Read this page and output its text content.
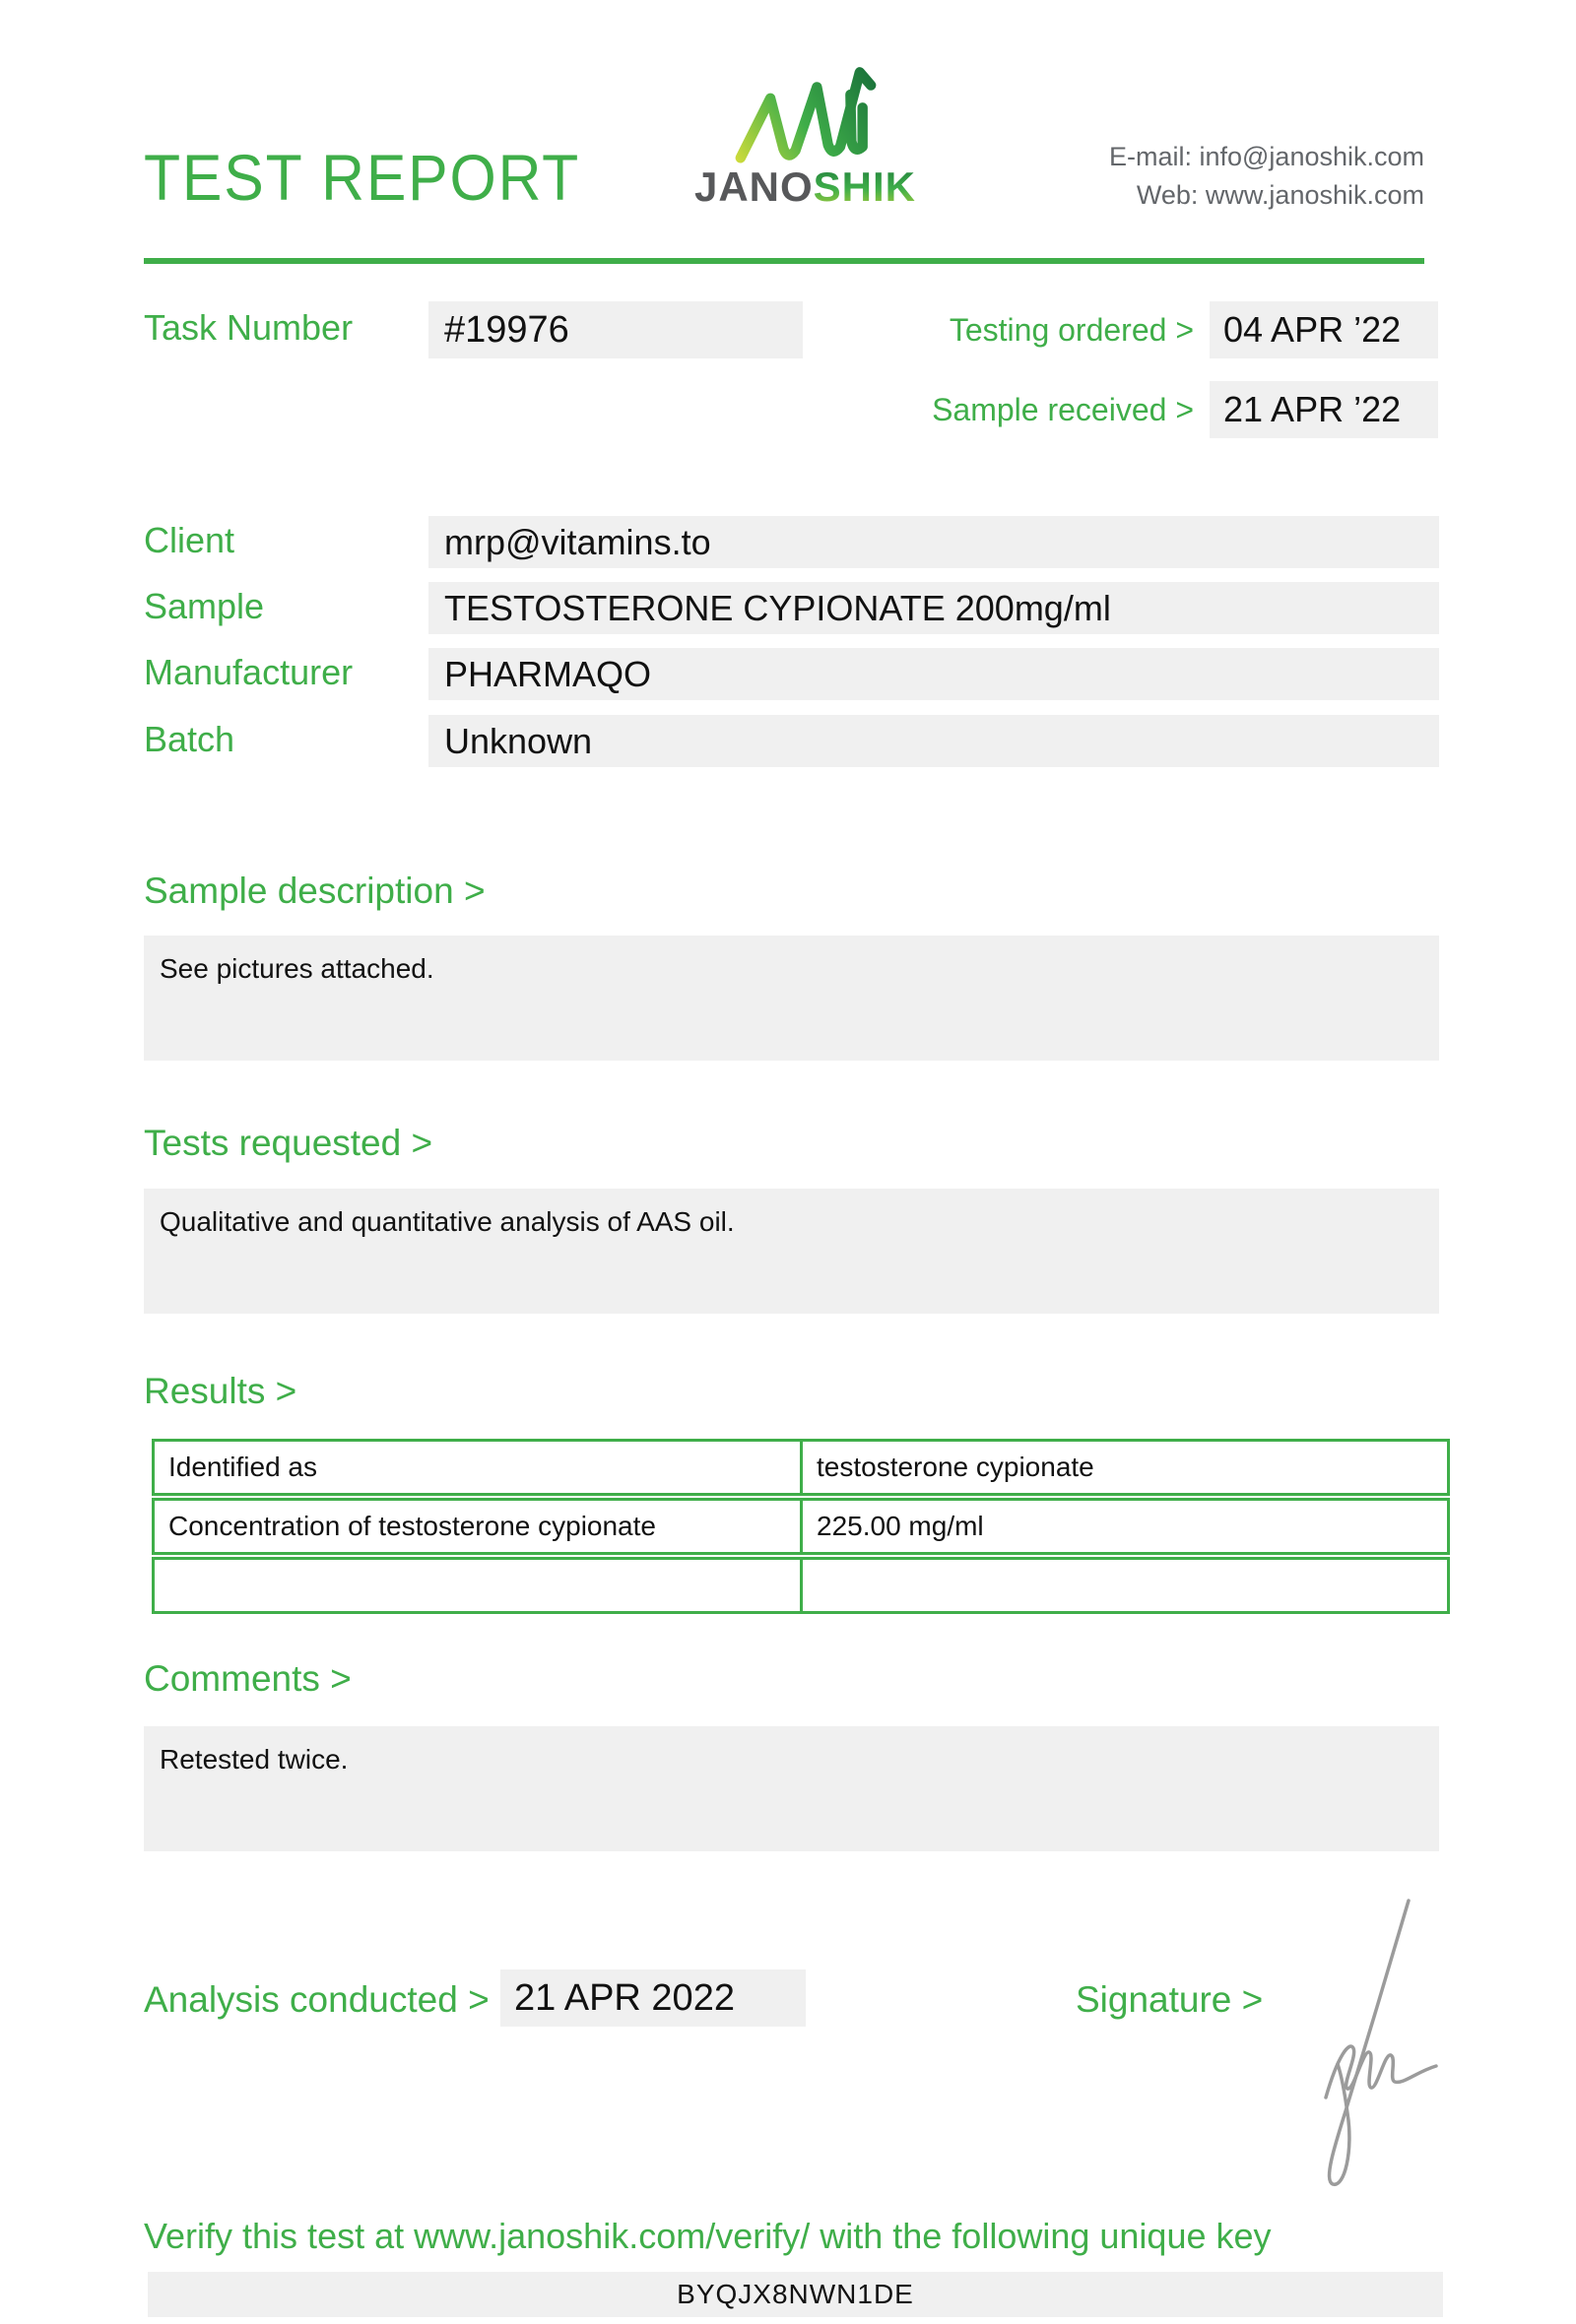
TEST REPORT	JANOSHIK
E-mail: info@janoshik.com
Web: www.janoshik.com
Task Number	#19976	Testing ordered > 04 APR ’22
Sample received > 21 APR ’22
Client	mrp@vitamins.to
Sample	TESTOSTERONE CYPIONATE 200mg/ml
Manufacturer	PHARMAQO
Batch	Unknown
Sample description >
See pictures attached.
Tests requested >
Qualitative and quantitative analysis of AAS oil.
Results >
Identified as	testosterone cypionate
Concentration of testosterone cypionate	225.00 mg/ml
Comments >
Retested twice.
Analysis conducted > 21 APR 2022	Signature >
Verify this test at www.janoshik.com/verify/ with the following unique key
BYQJX8NWN1DE
